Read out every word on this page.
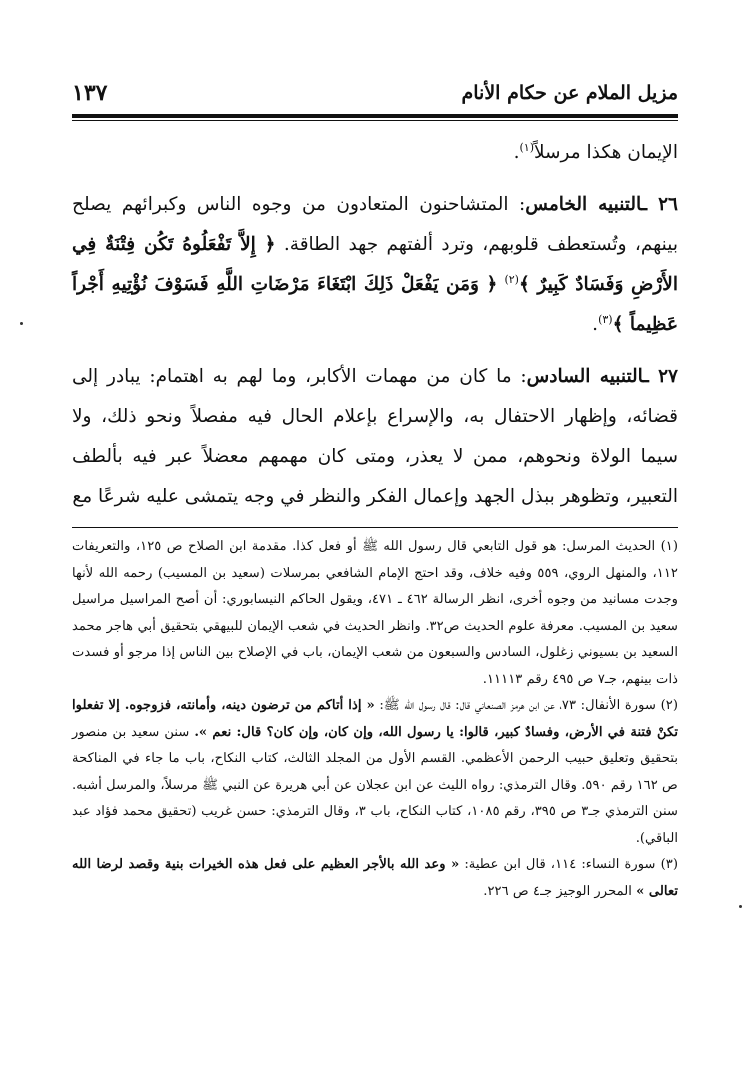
مزيل الملام عن حكام الأنام
١٣٧

الإيمان هكذا مرسلاً$^{(١)}$.

٢٦ ـالتنبيه الخامس: المتشاحنون المتعادون من وجوه الناس وكبرائهم يصلح بينهم، وتُستعطف قلوبهم، وترد ألفتهم جهد الطاقة. ﴿ إِلاَّ تَفْعَلُوهُ تَكُن فِتْنَةٌ فِي الأَرْضِ وَفَسَادٌ كَبِيرٌ ﴾$^{(٢)}$ ﴿ وَمَن يَفْعَلْ ذَلِكَ ابْتَغَاءَ مَرْضَاتِ اللَّهِ فَسَوْفَ نُؤْتِيهِ أَجْراً عَظِيماً ﴾$^{(٣)}$.

٢٧ ـالتنبيه السادس: ما كان من مهمات الأكابر، وما لهم به اهتمام: يبادر إلى قضائه، وإظهار الاحتفال به، والإسراع بإعلام الحال فيه مفصلاً ونحو ذلك، ولا سيما الولاة ونحوهم، ممن لا يعذر، ومتى كان مهمهم معضلاً عبر فيه بألطف التعبير، وتظوهر ببذل الجهد وإعمال الفكر والنظر في وجه يتمشى عليه شرعًا مع

(١) الحديث المرسل: هو قول التابعي قال رسول الله ﷺ أو فعل كذا. مقدمة ابن الصلاح ص ١٢٥، والتعريفات ١١٢، والمنهل الروي، ٥٥٩ وفيه خلاف، وقد احتج الإمام الشافعي بمرسلات (سعيد بن المسيب) رحمه الله لأنها وجدت مسانيد من وجوه أخرى، انظر الرسالة ٤٦٢ ـ ٤٧١، ويقول الحاكم النيسابوري: أن أصح المراسيل مراسيل سعيد بن المسيب. معرفة علوم الحديث ص٣٢. وانظر الحديث في شعب الإيمان للبيهقي بتحقيق أبي هاجر محمد السعيد بن بسيوني زغلول، السادس والسبعون من شعب الإيمان، باب في الإصلاح بين الناس إذا مرجو أو فسدت ذات بينهم، جـ٧ ص ٤٩٥ رقم ١١١١٣.

(٢) سورة الأنفال: ٧٣، عن ابن هرمز الصنعاني قال: قال رسول الله ﷺ: « إذا أتاكم من ترضون دينه، وأمانته، فزوجوه. إلا تفعلوا تكنْ فتنة في الأرض، وفسادٌ كبير، قالوا: يا رسول الله، وإن كان، وإن كان؟ قال: نعم ». سنن سعيد بن منصور بتحقيق وتعليق حبيب الرحمن الأعظمي. القسم الأول من المجلد الثالث، كتاب النكاح، باب ما جاء في المناكحة ص ١٦٢ رقم ٥٩٠. وقال الترمذي: رواه الليث عن ابن عجلان عن أبي هريرة عن النبي ﷺ مرسلاً، والمرسل أشبه. سنن الترمذي جـ٣ ص ٣٩٥، رقم ١٠٨٥، كتاب النكاح، باب ٣، وقال الترمذي: حسن غريب (تحقيق محمد فؤاد عبد الباقي).

(٣) سورة النساء: ١١٤، قال ابن عطية: « وعد الله بالأجر العظيم على فعل هذه الخيرات بنية وقصد لرضا الله تعالى » المحرر الوجيز جـ٤ ص ٢٢٦.
